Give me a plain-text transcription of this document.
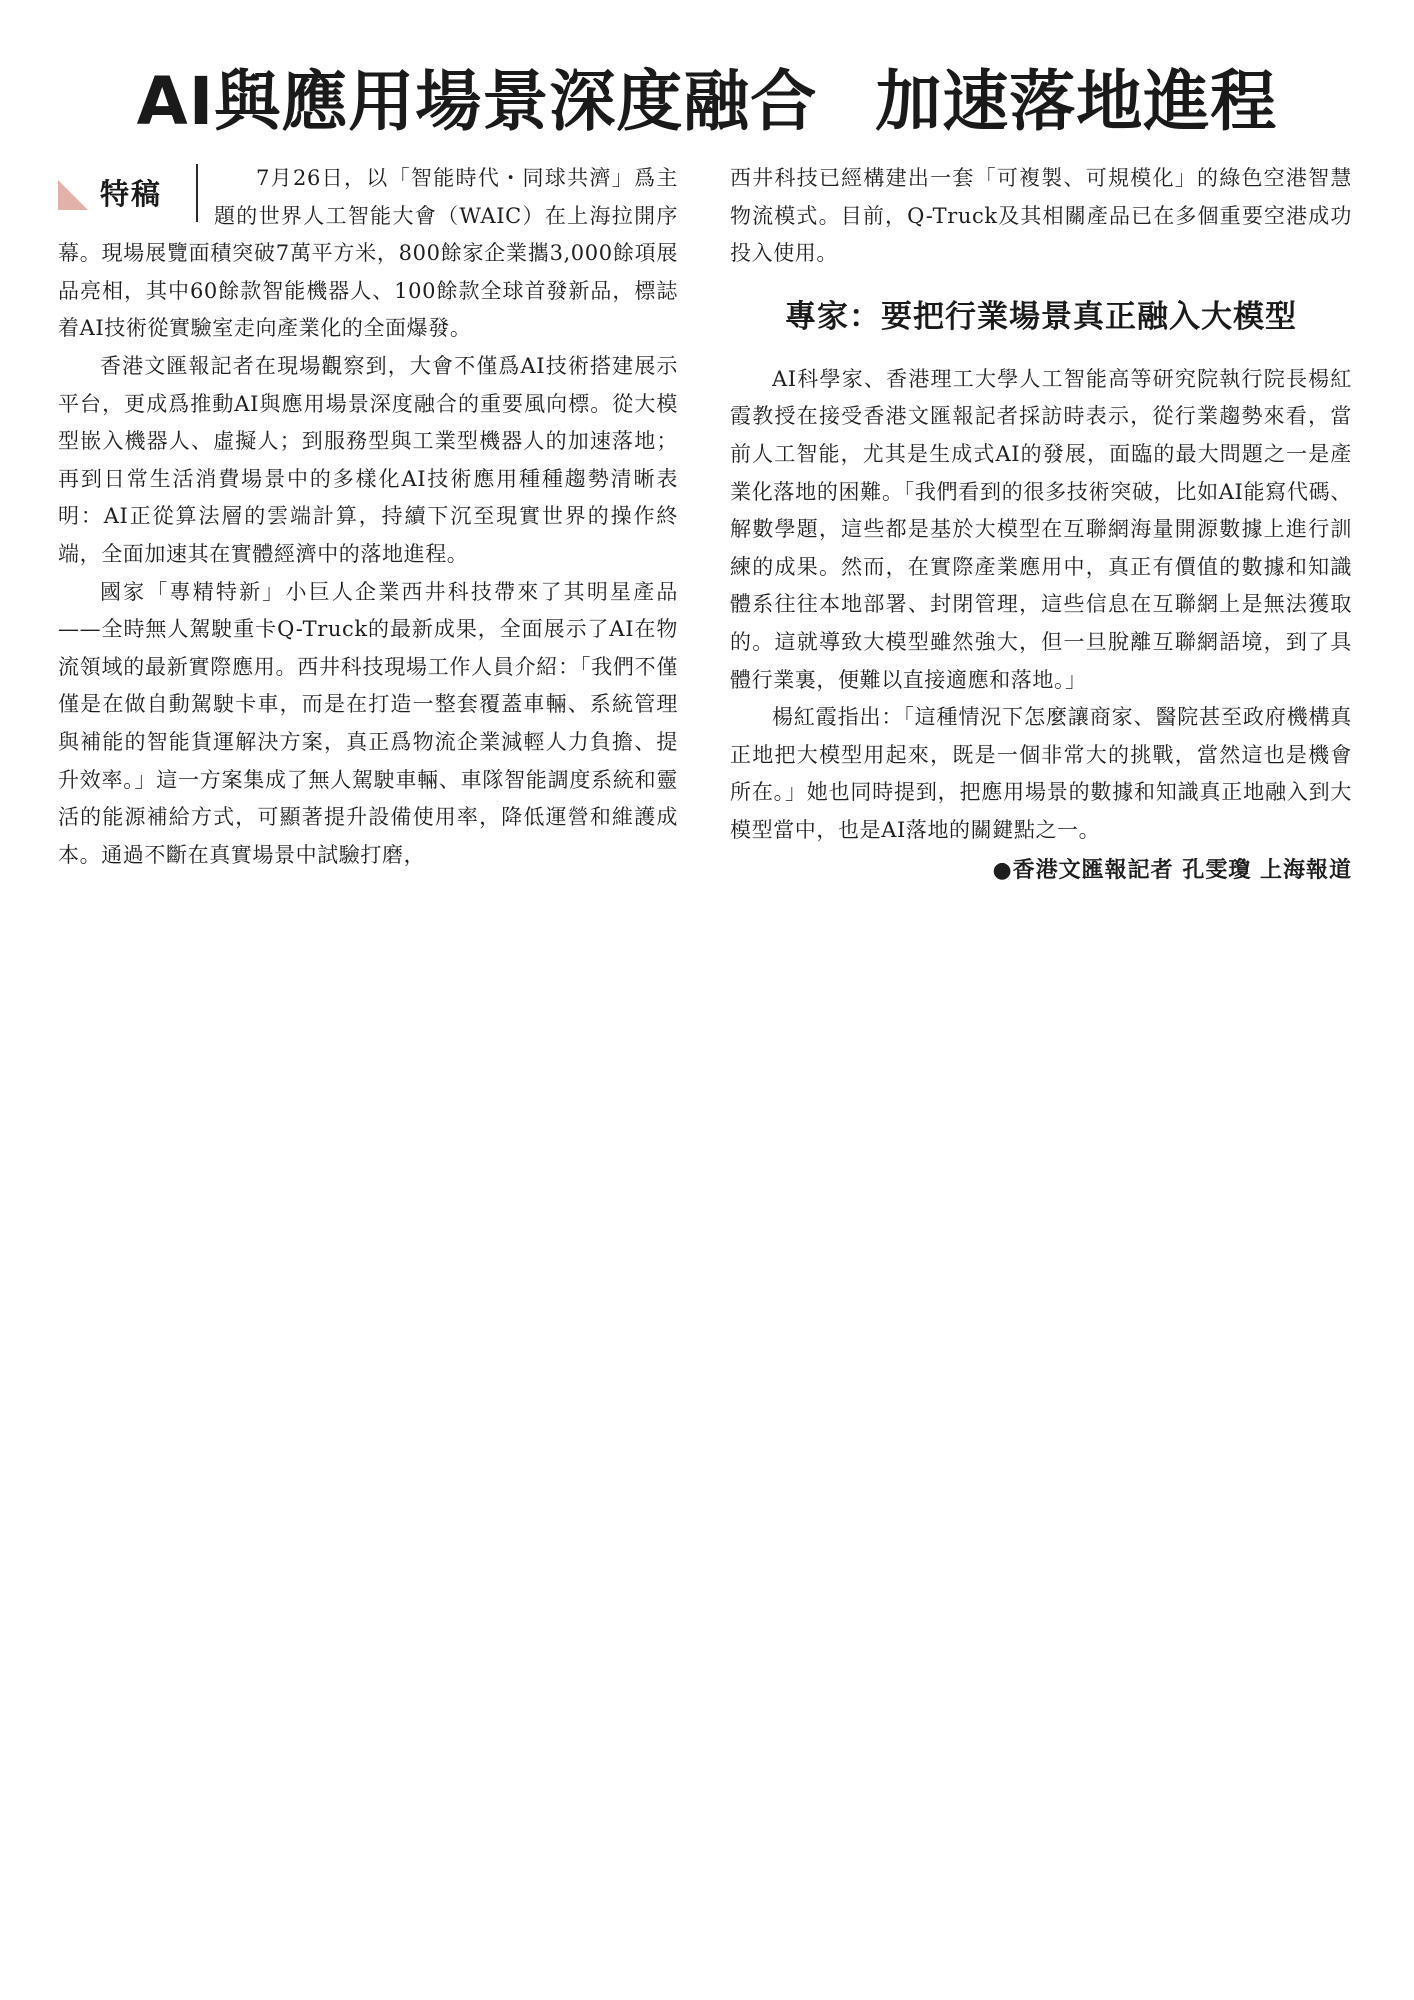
AI與應用場景深度融合 加速落地進程
特稿	7月26日，以「智能時代・同球共濟」爲主題的世界人工智能大會（WAIC）在上海拉開序幕。現場展覽面積突破7萬平方米，800餘家企業攜3,000餘項展品亮相，其中60餘款智能機器人、100餘款全球首發新品，標誌着AI技術從實驗室走向產業化的全面爆發。

香港文匯報記者在現場觀察到，大會不僅爲AI技術搭建展示平台，更成爲推動AI與應用場景深度融合的重要風向標。從大模型嵌入機器人、虛擬人；到服務型與工業型機器人的加速落地；再到日常生活消費場景中的多樣化AI技術應用種種趨勢清晰表明：AI正從算法層的雲端計算，持續下沉至現實世界的操作終端，全面加速其在實體經濟中的落地進程。

國家「專精特新」小巨人企業西井科技帶來了其明星產品——全時無人駕駛重卡Q-Truck的最新成果，全面展示了AI在物流領域的最新實際應用。西井科技現場工作人員介紹：「我們不僅僅是在做自動駕駛卡車，而是在打造一整套覆蓋車輛、系統管理與補能的智能貨運解決方案，真正爲物流企業減輕人力負擔、提升效率。」這一方案集成了無人駕駛車輛、車隊智能調度系統和靈活的能源補給方式，可顯著提升設備使用率，降低運營和維護成本。通過不斷在真實場景中試驗打磨，

西井科技已經構建出一套「可複製、可規模化」的綠色空港智慧物流模式。目前，Q-Truck及其相關產品已在多個重要空港成功投入使用。

專家：要把行業場景真正融入大模型

AI科學家、香港理工大學人工智能高等研究院執行院長楊紅霞教授在接受香港文匯報記者採訪時表示，從行業趨勢來看，當前人工智能，尤其是生成式AI的發展，面臨的最大問題之一是產業化落地的困難。「我們看到的很多技術突破，比如AI能寫代碼、解數學題，這些都是基於大模型在互聯網海量開源數據上進行訓練的成果。然而，在實際產業應用中，真正有價值的數據和知識體系往往本地部署、封閉管理，這些信息在互聯網上是無法獲取的。這就導致大模型雖然強大，但一旦脫離互聯網語境，到了具體行業裏，便難以直接適應和落地。」

楊紅霞指出：「這種情況下怎麼讓商家、醫院甚至政府機構真正地把大模型用起來，既是一個非常大的挑戰，當然這也是機會所在。」她也同時提到，把應用場景的數據和知識真正地融入到大模型當中，也是AI落地的關鍵點之一。

●香港文匯報記者 孔雯瓊 上海報道
